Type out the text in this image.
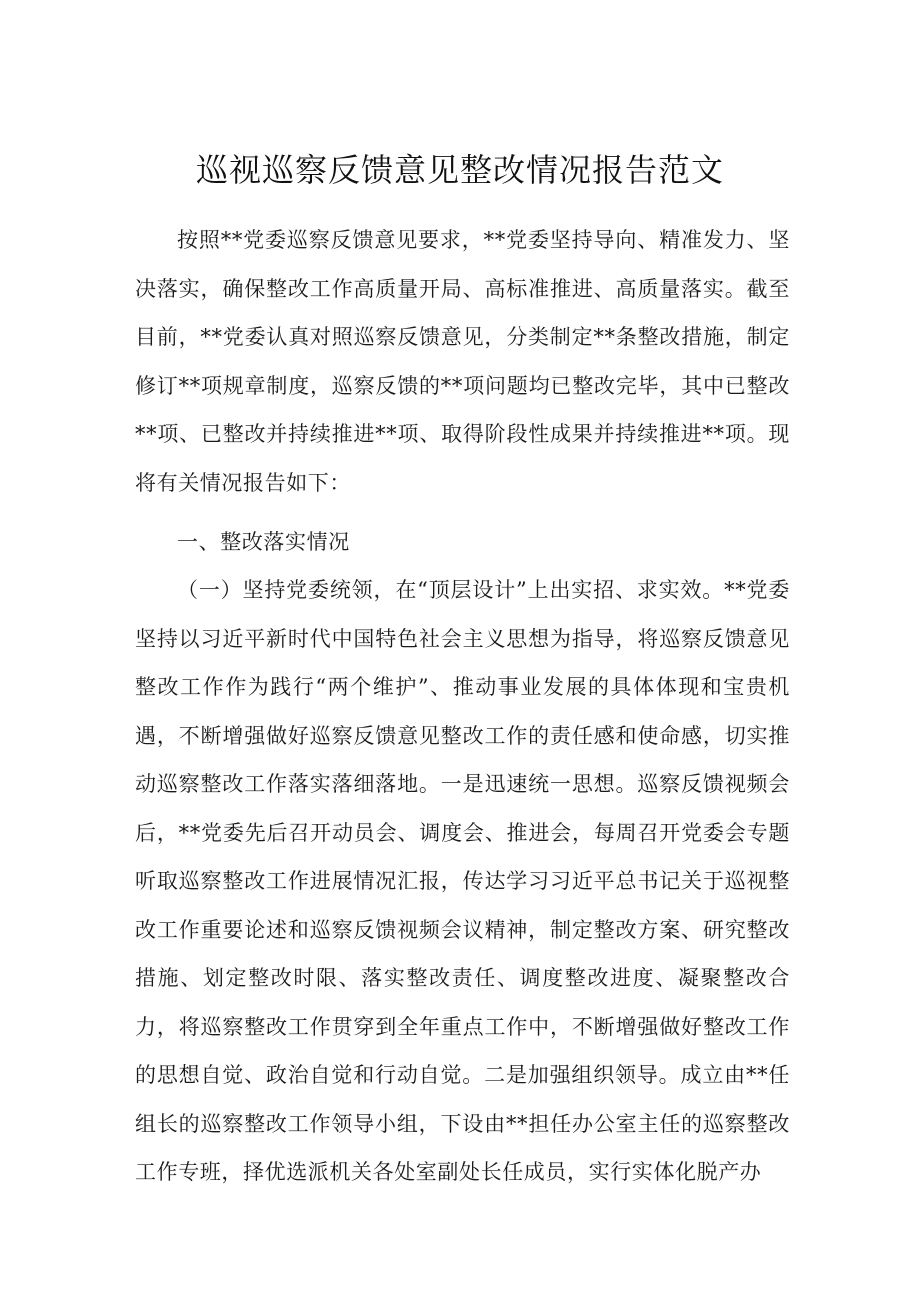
巡视巡察反馈意见整改情况报告范文

按照**党委巡察反馈意见要求，**党委坚持导向、精准发力、坚决落实，确保整改工作高质量开局、高标准推进、高质量落实。截至目前，**党委认真对照巡察反馈意见，分类制定**条整改措施，制定修订**项规章制度，巡察反馈的**项问题均已整改完毕，其中已整改**项、已整改并持续推进**项、取得阶段性成果并持续推进**项。现将有关情况报告如下：

一、整改落实情况

（一）坚持党委统领，在“顶层设计”上出实招、求实效。**党委坚持以习近平新时代中国特色社会主义思想为指导，将巡察反馈意见整改工作作为践行“两个维护”、推动事业发展的具体体现和宝贵机遇，不断增强做好巡察反馈意见整改工作的责任感和使命感，切实推动巡察整改工作落实落细落地。一是迅速统一思想。巡察反馈视频会后，**党委先后召开动员会、调度会、推进会，每周召开党委会专题听取巡察整改工作进展情况汇报，传达学习习近平总书记关于巡视整改工作重要论述和巡察反馈视频会议精神，制定整改方案、研究整改措施、划定整改时限、落实整改责任、调度整改进度、凝聚整改合力，将巡察整改工作贯穿到全年重点工作中，不断增强做好整改工作的思想自觉、政治自觉和行动自觉。二是加强组织领导。成立由**任组长的巡察整改工作领导小组，下设由**担任办公室主任的巡察整改工作专班，择优选派机关各处室副处长任成员，实行实体化脱产办
